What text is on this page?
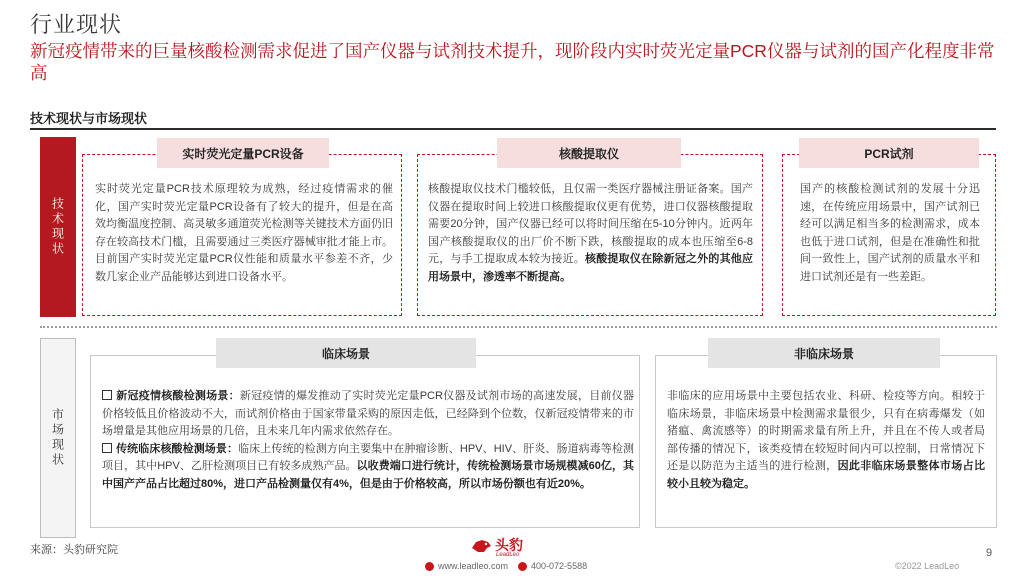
行业现状
新冠疫情带来的巨量核酸检测需求促进了国产仪器与试剂技术提升，现阶段内实时荧光定量PCR仪器与试剂的国产化程度非常高
技术现状与市场现状
技术现状
实时荧光定量PCR设备
实时荧光定量PCR技术原理较为成熟，经过疫情需求的催化，国产实时荧光定量PCR设备有了较大的提升，但是在高效均衡温度控制、高灵敏多通道荧光检测等关键技术方面仍旧存在较高技术门槛，且需要通过三类医疗器械审批才能上市。目前国产实时荧光定量PCR仪性能和质量水平参差不齐，少数几家企业产品能够达到进口设备水平。
核酸提取仪
核酸提取仪技术门槛较低，且仅需一类医疗器械注册证备案。国产仪器在提取时间上较进口核酸提取仪更有优势，进口仪器核酸提取需要20分钟，国产仪器已经可以将时间压缩在5-10分钟内。近两年国产核酸提取仪的出厂价不断下跌，核酸提取的成本也压缩至6-8元，与手工提取成本较为接近。核酸提取仪在除新冠之外的其他应用场景中，渗透率不断提高。
PCR试剂
国产的核酸检测试剂的发展十分迅速，在传统应用场景中，国产试剂已经可以满足相当多的检测需求，成本也低于进口试剂，但是在准确性和批间一致性上，国产试剂的质量水平和进口试剂还是有一些差距。
市场现状
临床场景
新冠疫情核酸检测场景：新冠疫情的爆发推动了实时荧光定量PCR仪器及试剂市场的高速发展，目前仪器价格较低且价格波动不大，而试剂价格由于国家带量采购的原因走低，已经降到个位数，仅新冠疫情带来的市场增量是其他应用场景的几倍，且未来几年内需求依然存在。
传统临床核酸检测场景：临床上传统的检测方向主要集中在肿瘤诊断、HPV、HIV、肝炎、肠道病毒等检测项目，其中HPV、乙肝检测项目已有较多成熟产品。以收费端口进行统计，传统检测场景市场规模减60亿，其中国产产品占比超过80%，进口产品检测量仅有4%，但是由于价格较高，所以市场份额也有近20%。
非临床场景
非临床的应用场景中主要包括农业、科研、检疫等方向。相较于临床场景，非临床场景中检测需求量很少，只有在病毒爆发（如猪瘟、禽流感等）的时期需求量有所上升，并且在不传人或者局部传播的情况下，该类疫情在较短时间内可以控制，日常情况下还是以防范为主适当的进行检测，因此非临床场景整体市场占比较小且较为稳定。
来源：头豹研究院	头豹
LeadLeo
www.leadleo.com	400-072-5588
9
©2022 LeadLeo
